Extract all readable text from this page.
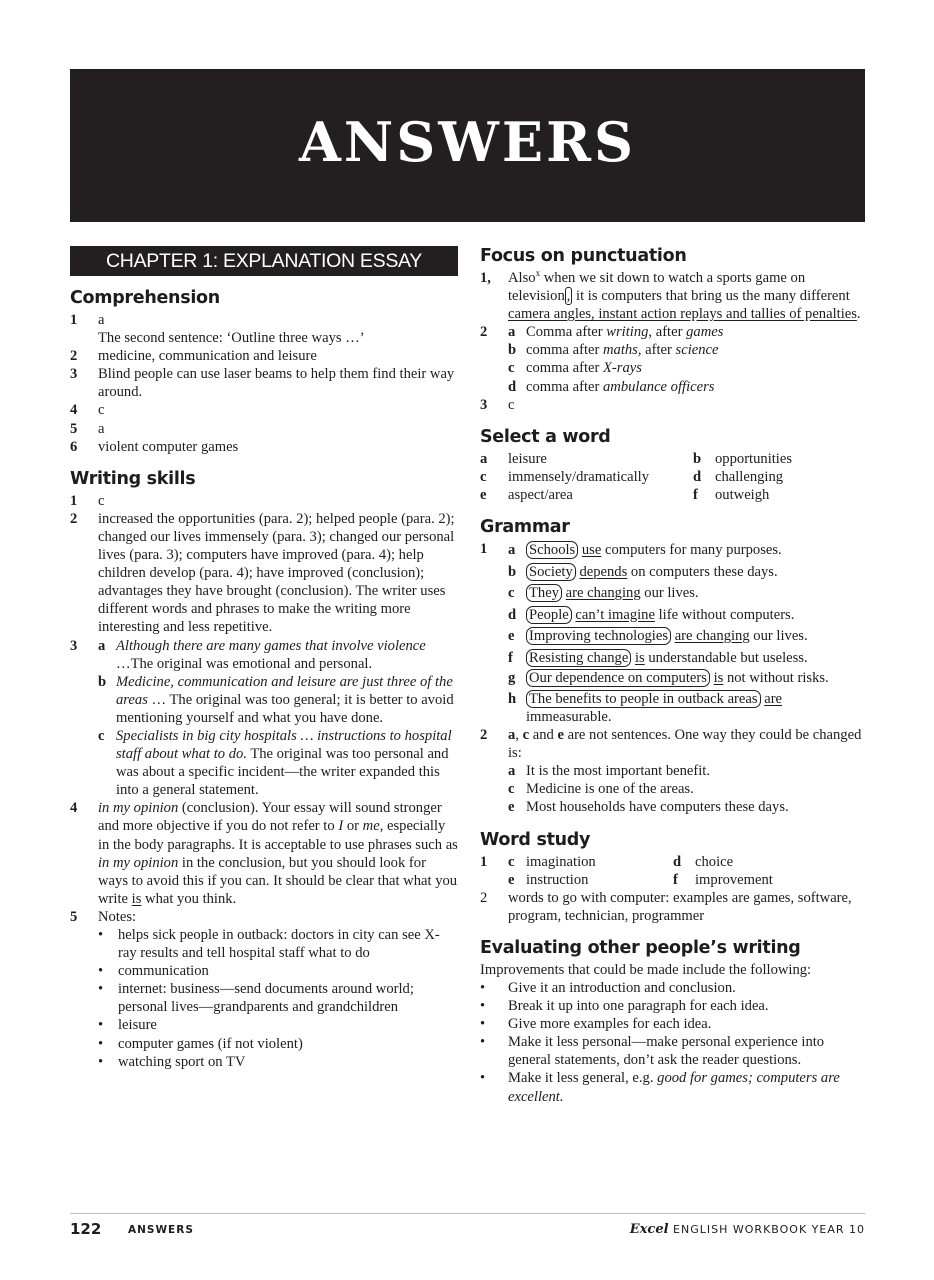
ANSWERS
CHAPTER 1: EXPLANATION ESSAY
Comprehension
1	a
The second sentence: ‘Outline three ways …’
2	medicine, communication and leisure
3	Blind people can use laser beams to help them find their way around.
4	c
5	a
6	violent computer games
Writing skills
1	c
2	increased the opportunities (para. 2); helped people (para. 2); changed our lives immensely (para. 3); changed our personal lives (para. 3); computers have improved (para. 4); help children develop (para. 4); have improved (conclusion); advantages they have brought (conclusion). The writer uses different words and phrases to make the writing more interesting and less repetitive.
3	a Although there are many games that involve violence
…The original was emotional and personal.
b Medicine, communication and leisure are just three of the areas … The original was too general; it is better to avoid mentioning yourself and what you have done.
c Specialists in big city hospitals … instructions to hospital staff about what to do. The original was too personal and was about a specific incident—the writer expanded this into a general statement.
4	in my opinion (conclusion). Your essay will sound stronger and more objective if you do not refer to I or me, especially in the body paragraphs. It is acceptable to use phrases such as in my opinion in the conclusion, but you should look for ways to avoid this if you can. It should be clear that what you write is what you think.
5	Notes:
•	helps sick people in outback: doctors in city can see X-ray results and tell hospital staff what to do
•	communication
•	internet: business—send documents around world; personal lives—grandparents and grandchildren
•	leisure
•	computer games (if not violent)
•	watching sport on TV
Focus on punctuation
1,	Also$^x$ when we sit down to watch a sports game on television , it is computers that bring us the many different camera angles, instant action replays and tallies of penalties.
2	a Comma after writing, after games
b comma after maths, after science
c comma after X-rays
d comma after ambulance officers
3	c
Select a word
a	leisure	b opportunities
c	immensely/dramatically	d challenging
e	aspect/area	f	outweigh
Grammar
1	a Schools use computers for many purposes.
b Society depends on computers these days.
c They are changing our lives.
d People can’t imagine life without computers.
e Improving technologies are changing our lives.
f	Resisting change is understandable but useless.
g Our dependence on computers is not without risks.
h The benefits to people in outback areas are immeasurable.
2	a, c and e are not sentences. One way they could be changed is:
a It is the most important benefit.
c Medicine is one of the areas.
e Most households have computers these days.
Word study
1	c imagination	d choice
e instruction	f	improvement
2	words to go with computer: examples are games, software, program, technician, programmer
Evaluating other people’s writing
Improvements that could be made include the following:
•	Give it an introduction and conclusion.
•	Break it up into one paragraph for each idea.
•	Give more examples for each idea.
•	Make it less personal—make personal experience into general statements, don’t ask the reader questions.
•	Make it less general, e.g. good for games; computers are excellent.
122	ANSWERS	Excel ENGLISH WORKBOOK YEAR 10
